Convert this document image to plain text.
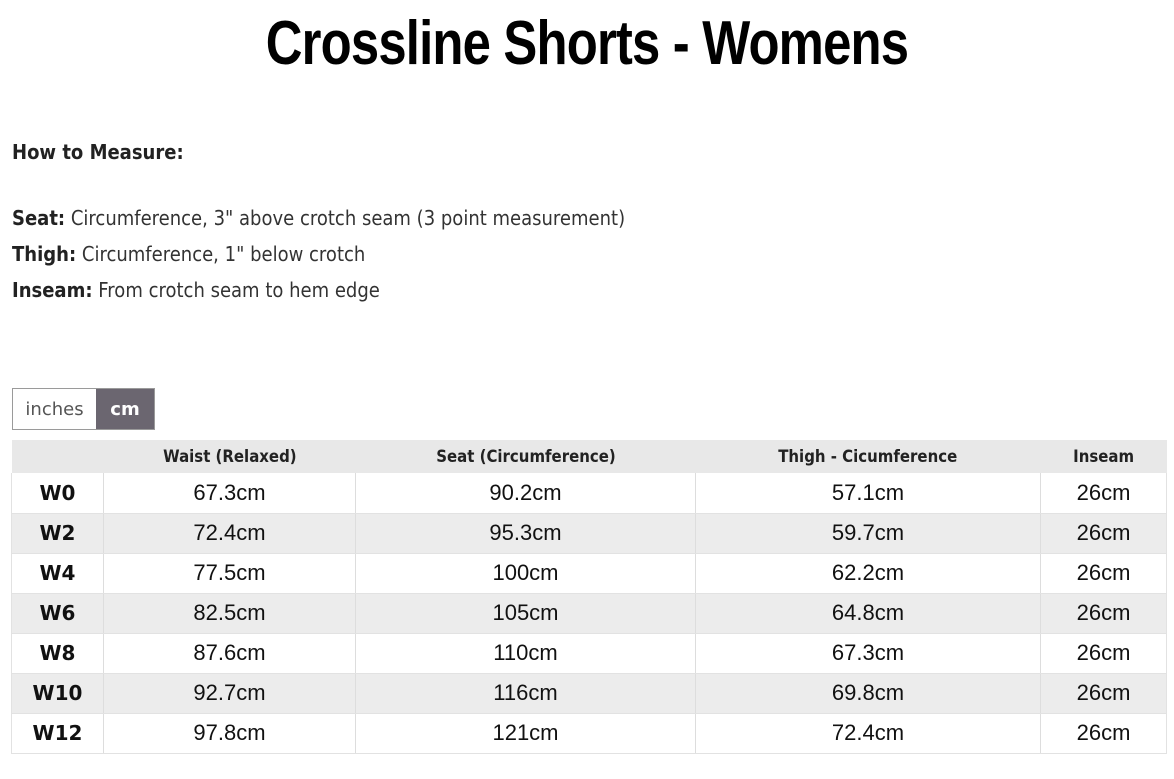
Crossline Shorts - Womens
How to Measure:
Seat: Circumference, 3" above crotch seam (3 point measurement)
Thigh: Circumference, 1" below crotch
Inseam: From crotch seam to hem edge
inches	cm
	Waist (Relaxed)	Seat (Circumference)	Thigh - Cicumference	Inseam
W0	67.3cm	90.2cm	57.1cm	26cm
W2	72.4cm	95.3cm	59.7cm	26cm
W4	77.5cm	100cm	62.2cm	26cm
W6	82.5cm	105cm	64.8cm	26cm
W8	87.6cm	110cm	67.3cm	26cm
W10	92.7cm	116cm	69.8cm	26cm
W12	97.8cm	121cm	72.4cm	26cm
